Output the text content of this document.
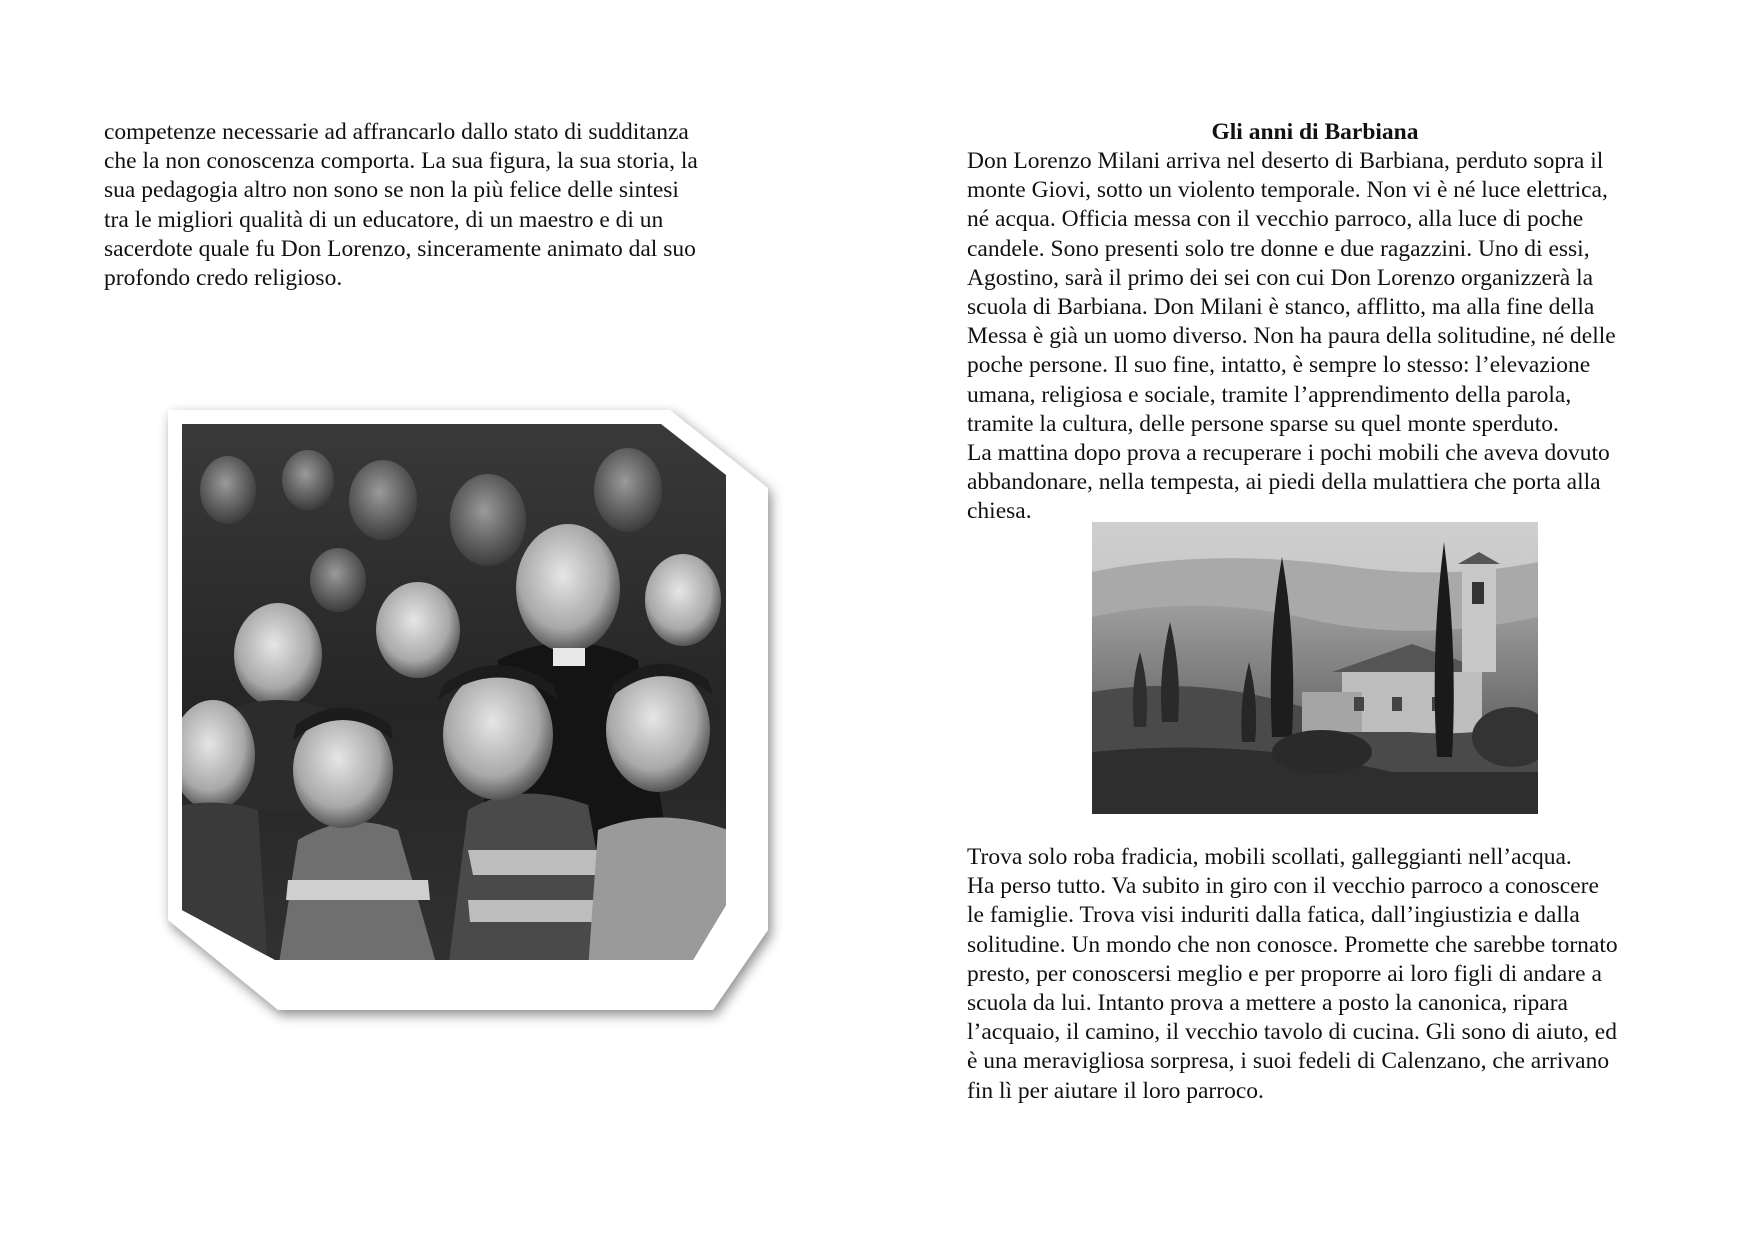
competenze necessarie ad affrancarlo dallo stato di sudditanza
che la non conoscenza comporta. La sua figura, la sua storia, la
sua pedagogia altro non sono se non la più felice delle sintesi
tra le migliori qualità di un educatore, di un maestro e di un
sacerdote quale fu Don Lorenzo, sinceramente animato dal suo
profondo credo religioso.

Gli anni di Barbiana

Don Lorenzo Milani arriva nel deserto di Barbiana, perduto sopra il
monte Giovi, sotto un violento temporale. Non vi è né luce elettrica,
né acqua. Officia messa con il vecchio parroco, alla luce di poche
candele. Sono presenti solo tre donne e due ragazzini. Uno di essi,
Agostino, sarà il primo dei sei con cui Don Lorenzo organizzerà la
scuola di Barbiana. Don Milani è stanco, afflitto, ma alla fine della
Messa è già un uomo diverso. Non ha paura della solitudine, né delle
poche persone. Il suo fine, intatto, è sempre lo stesso: l’elevazione
umana, religiosa e sociale, tramite l’apprendimento della parola,
tramite la cultura, delle persone sparse su quel monte sperduto.
La mattina dopo prova a recuperare i pochi mobili che aveva dovuto
abbandonare, nella tempesta, ai piedi della mulattiera che porta alla
chiesa.

Trova solo roba fradicia, mobili scollati, galleggianti nell’acqua.
Ha perso tutto. Va subito in giro con il vecchio parroco a conoscere
le famiglie. Trova visi induriti dalla fatica, dall’ingiustizia e dalla
solitudine. Un mondo che non conosce. Promette che sarebbe tornato
presto, per conoscersi meglio e per proporre ai loro figli di andare a
scuola da lui. Intanto prova a mettere a posto la canonica, ripara
l’acquaio, il camino, il vecchio tavolo di cucina. Gli sono di aiuto, ed
è una meravigliosa sorpresa, i suoi fedeli di Calenzano, che arrivano
fin lì per aiutare il loro parroco.
